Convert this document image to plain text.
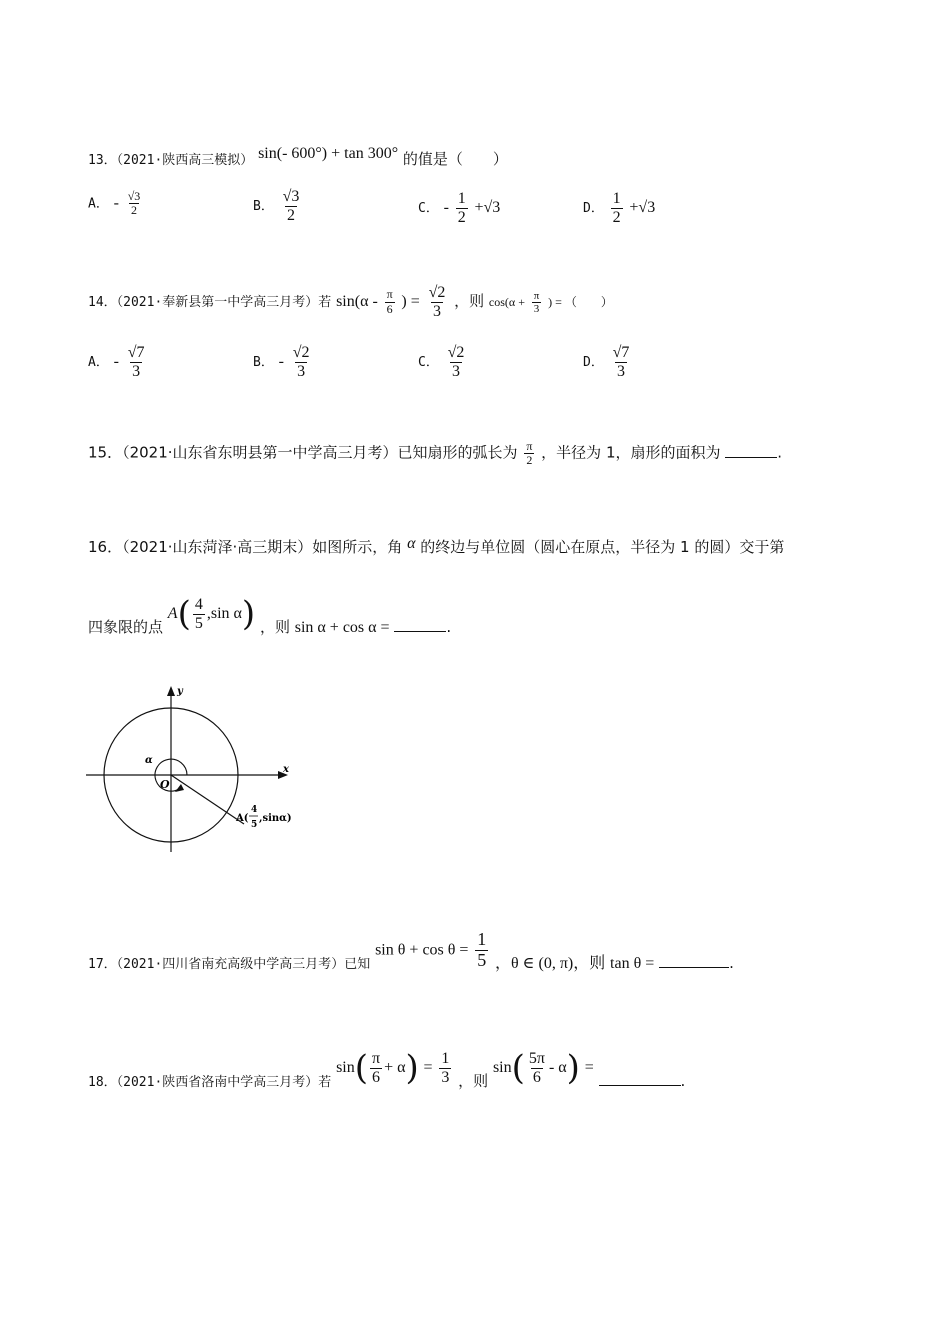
13．（2021·陕西高三模拟） sin(- 600°) + tan 300° 的值是（　　）
A． - $\frac{√3}{2}$	B． $\frac{√3}{2}$	C． - $\frac{1}{2} +√3$	D． $\frac{1}{2} +√3$
14．（2021·奉新县第一中学高三月考）若 $\sin(\alpha - \frac{\pi}{6}$ ) = $\frac{√2}{3}$ ，则 $\cos(\alpha + \frac{\pi}{3}$ ) = （　　）
A． - $\frac{√7}{3}$	B． - $\frac{√2}{3}$	C． $\frac{√2}{3}$	D． $\frac{√7}{3}$
15．（2021·山东省东明县第一中学高三月考）已知扇形的弧长为 $\frac{\pi}{2}$ ，半径为 1，扇形的面积为	.
16．（2021·山东菏泽·高三期末）如图所示，角 α 的终边与单位圆（圆心在原点，半径为 1 的圆）交于第
四象限的点 $A( \frac{4}{5} ,\sin$ α) ，则 sin α + cos α =	.
y
x
O
α
A(
4
5
,sinα)
17．（2021·四川省南充高级中学高三月考）已知 $\sin \theta + \cos \theta = \frac{1}{5}$ ，θ ∈ (0, π)，则 tan θ =	.
18．（2021·陕西省洛南中学高三月考）若 $\sin( \frac{\pi}{6} + \alpha) = \frac{1}{3}$ ，则 $\sin( \frac{5\pi}{6} - \alpha)$ = .
